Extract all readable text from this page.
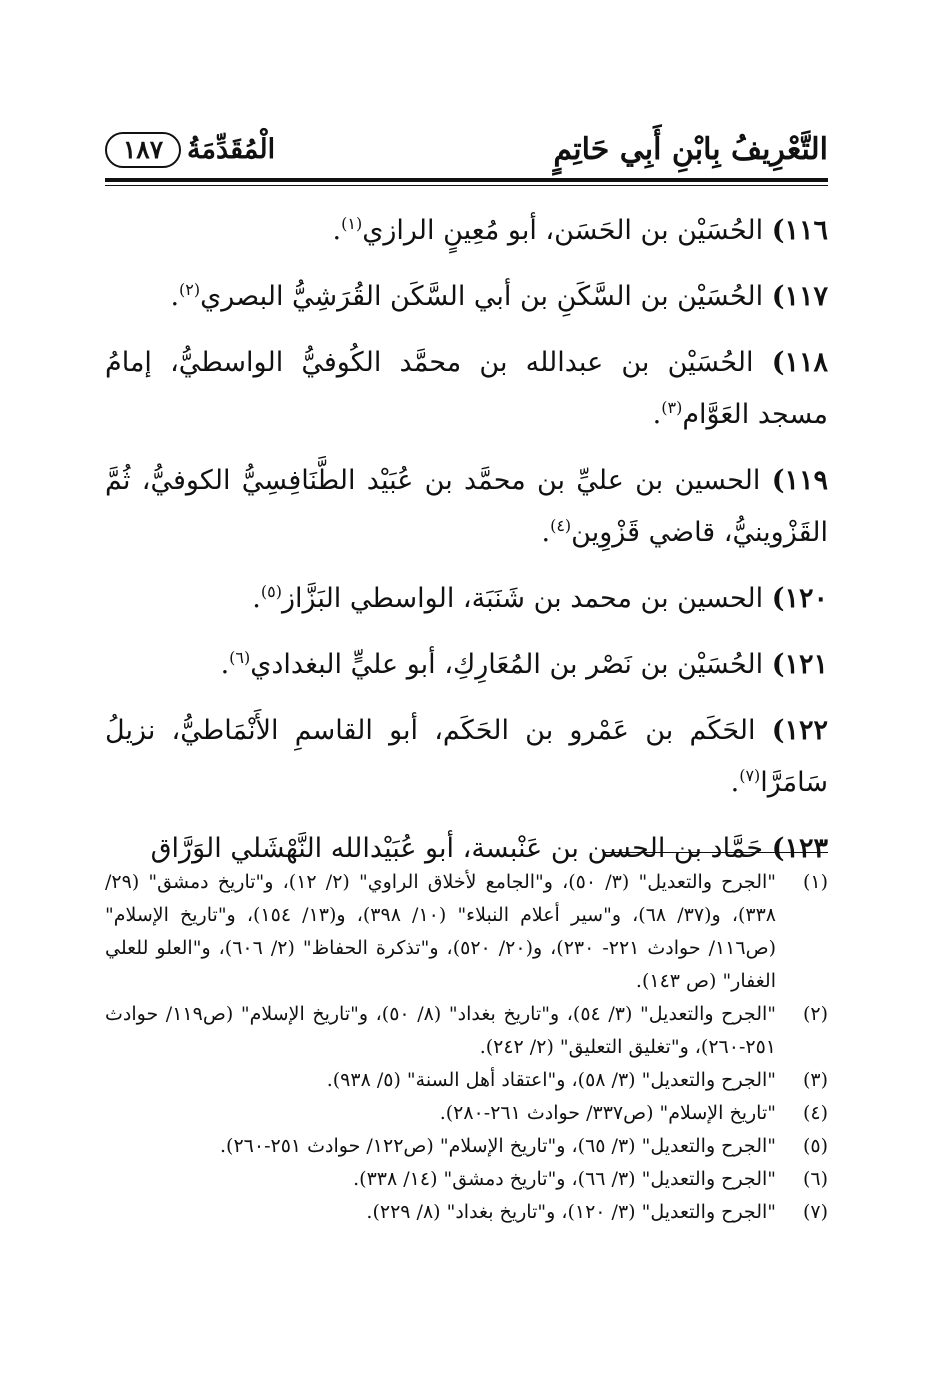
التَّعْرِيفُ بِابْنِ أَبِي حَاتِمٍ
الْمُقَدِّمَةُ
١٨٧
١١٦) الحُسَيْن بن الحَسَن، أبو مُعِينٍ الرازي$^{(١)}$.
١١٧) الحُسَيْن بن السَّكَنِ بن أبي السَّكَن القُرَشِيُّ البصري$^{(٢)}$.
١١٨) الحُسَيْن بن عبدالله بن محمَّد الكُوفيُّ الواسطيُّ، إمامُ مسجد العَوَّام$^{(٣)}$.
١١٩) الحسين بن عليِّ بن محمَّد بن عُبَيْد الطَّنَافِسِيُّ الكوفيُّ، ثُمَّ القَزْوينيُّ، قاضي قَزْوِين$^{(٤)}$.
١٢٠) الحسين بن محمد بن شَنَبَة، الواسطي البَزَّاز$^{(٥)}$.
١٢١) الحُسَيْن بن نَصْر بن المُعَارِكِ، أبو عليٍّ البغدادي$^{(٦)}$.
١٢٢) الحَكَم بن عَمْرو بن الحَكَم، أبو القاسمِ الأَنْمَاطيُّ، نزيلُ سَامَرَّا$^{(٧)}$.
١٢٣) حَمَّاد بن الحسن بن عَنْبسة، أبو عُبَيْدالله النَّهْشَلي الوَرَّاق
(١)
"الجرح والتعديل" (٣/ ٥٠)، و"الجامع لأخلاق الراوي" (٢/ ١٢)، و"تاريخ دمشق" (٢٩/ ٣٣٨)، و(٣٧/ ٦٨)، و"سير أعلام النبلاء" (١٠/ ٣٩٨)، و(١٣/ ١٥٤)، و"تاريخ الإسلام" (ص١١٦/ حوادث ٢٢١- ٢٣٠)، و(٢٠/ ٥٢٠)، و"تذكرة الحفاظ" (٢/ ٦٠٦)، و"العلو للعلي الغفار" (ص ١٤٣).
(٢)
"الجرح والتعديل" (٣/ ٥٤)، و"تاريخ بغداد" (٨/ ٥٠)، و"تاريخ الإسلام" (ص١١٩/ حوادث ٢٥١-٢٦٠)، و"تغليق التعليق" (٢/ ٢٤٢).
(٣)
"الجرح والتعديل" (٣/ ٥٨)، و"اعتقاد أهل السنة" (٥/ ٩٣٨).
(٤)
"تاريخ الإسلام" (ص٣٣٧/ حوادث ٢٦١-٢٨٠).
(٥)
"الجرح والتعديل" (٣/ ٦٥)، و"تاريخ الإسلام" (ص١٢٢/ حوادث ٢٥١-٢٦٠).
(٦)
"الجرح والتعديل" (٣/ ٦٦)، و"تاريخ دمشق" (١٤/ ٣٣٨).
(٧)
"الجرح والتعديل" (٣/ ١٢٠)، و"تاريخ بغداد" (٨/ ٢٢٩).
